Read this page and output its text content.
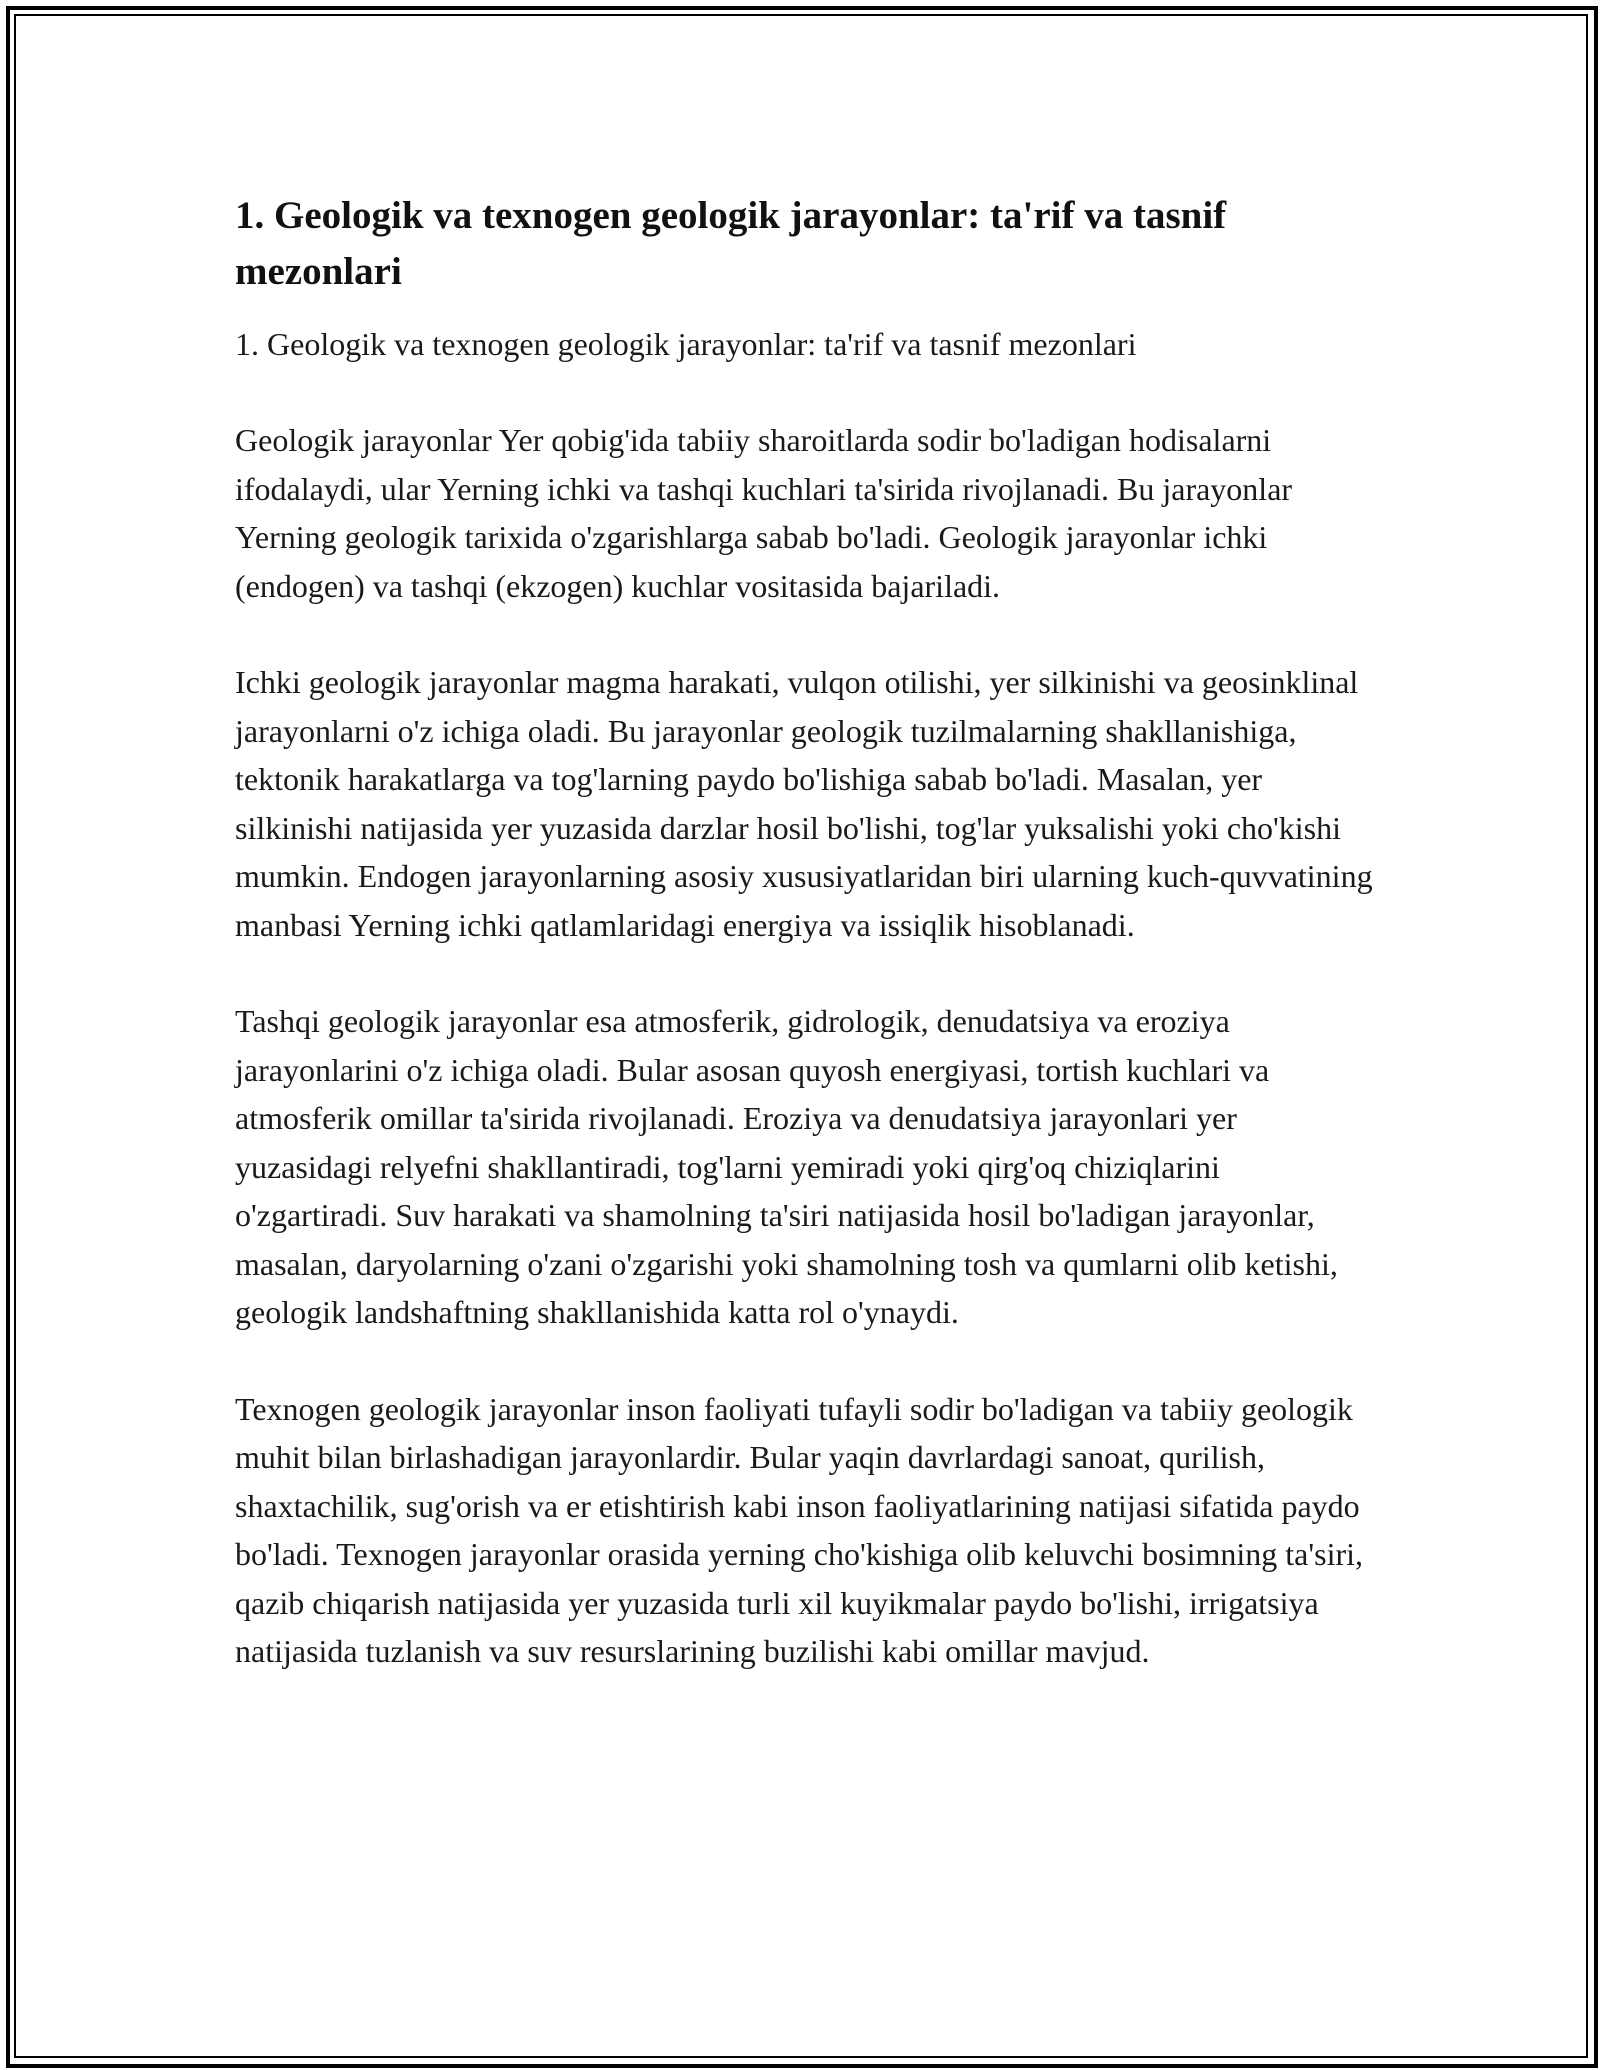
1. Geologik va texnogen geologik jarayonlar: ta'rif va tasnif mezonlari

1. Geologik va texnogen geologik jarayonlar: ta'rif va tasnif mezonlari

Geologik jarayonlar Yer qobig'ida tabiiy sharoitlarda sodir bo'ladigan hodisalarni ifodalaydi, ular Yerning ichki va tashqi kuchlari ta'sirida rivojlanadi. Bu jarayonlar Yerning geologik tarixida o'zgarishlarga sabab bo'ladi. Geologik jarayonlar ichki (endogen) va tashqi (ekzogen) kuchlar vositasida bajariladi.

Ichki geologik jarayonlar magma harakati, vulqon otilishi, yer silkinishi va geosinklinal jarayonlarni o'z ichiga oladi. Bu jarayonlar geologik tuzilmalarning shakllanishiga, tektonik harakatlarga va tog'larning paydo bo'lishiga sabab bo'ladi. Masalan, yer silkinishi natijasida yer yuzasida darzlar hosil bo'lishi, tog'lar yuksalishi yoki cho'kishi mumkin. Endogen jarayonlarning asosiy xususiyatlaridan biri ularning kuch-quvvatining manbasi Yerning ichki qatlamlaridagi energiya va issiqlik hisoblanadi.

Tashqi geologik jarayonlar esa atmosferik, gidrologik, denudatsiya va eroziya jarayonlarini o'z ichiga oladi. Bular asosan quyosh energiyasi, tortish kuchlari va atmosferik omillar ta'sirida rivojlanadi. Eroziya va denudatsiya jarayonlari yer yuzasidagi relyefni shakllantiradi, tog'larni yemiradi yoki qirg'oq chiziqlarini o'zgartiradi. Suv harakati va shamolning ta'siri natijasida hosil bo'ladigan jarayonlar, masalan, daryolarning o'zani o'zgarishi yoki shamolning tosh va qumlarni olib ketishi, geologik landshaftning shakllanishida katta rol o'ynaydi.

Texnogen geologik jarayonlar inson faoliyati tufayli sodir bo'ladigan va tabiiy geologik muhit bilan birlashadigan jarayonlardir. Bular yaqin davrlardagi sanoat, qurilish, shaxtachilik, sug'orish va er etishtirish kabi inson faoliyatlarining natijasi sifatida paydo bo'ladi. Texnogen jarayonlar orasida yerning cho'kishiga olib keluvchi bosimning ta'siri, qazib chiqarish natijasida yer yuzasida turli xil kuyikmalar paydo bo'lishi, irrigatsiya natijasida tuzlanish va suv resurslarining buzilishi kabi omillar mavjud.
